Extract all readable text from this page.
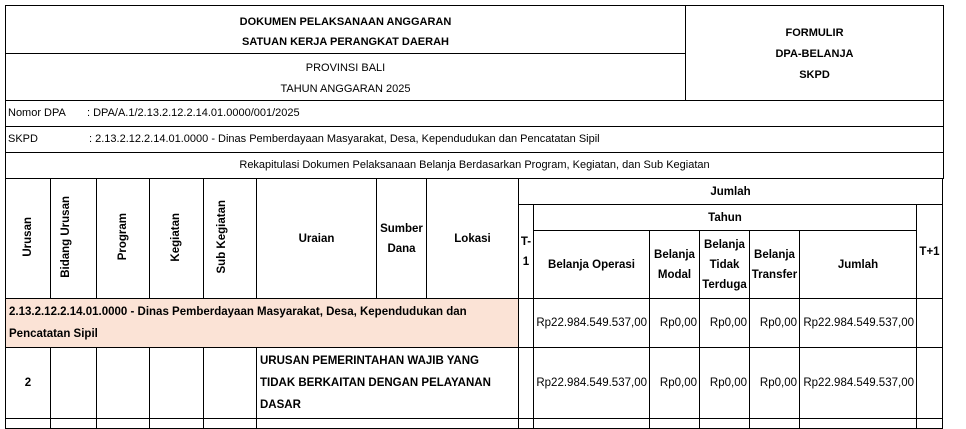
DOKUMEN PELAKSANAAN ANGGARAN
SATUAN KERJA PERANGKAT DAERAH
PROVINSI BALI
TAHUN ANGGARAN 2025
FORMULIR
DPA-BELANJA
SKPD
Nomor DPA : DPA/A.1/2.13.2.12.2.14.01.0000/001/2025
SKPD	: 2.13.2.12.2.14.01.0000 - Dinas Pemberdayaan Masyarakat, Desa, Kependudukan dan Pencatatan Sipil
Rekapitulasi Dokumen Pelaksanaan Belanja Berdasarkan Program, Kegiatan, dan Sub Kegiatan
Urusan	Bidang Urusan	Program	Kegiatan	Sub Kegiatan	Uraian	Sumber Dana	Lokasi	Jumlah						
								T-1	Tahun					T+1
									Belanja Operasi	Belanja Modal	Belanja Tidak Terduga	Belanja Transfer	Jumlah	
2.13.2.12.2.14.01.0000 - Dinas Pemberdayaan Masyarakat, Desa, Kependudukan dan Pencatatan Sipil									Rp22.984.549.537,00	Rp0,00	Rp0,00	Rp0,00	Rp22.984.549.537,00	
2					URUSAN PEMERINTAHAN WAJIB YANG TIDAK BERKAITAN DENGAN PELAYANAN DASAR				Rp22.984.549.537,00	Rp0,00	Rp0,00	Rp0,00	Rp22.984.549.537,00	
